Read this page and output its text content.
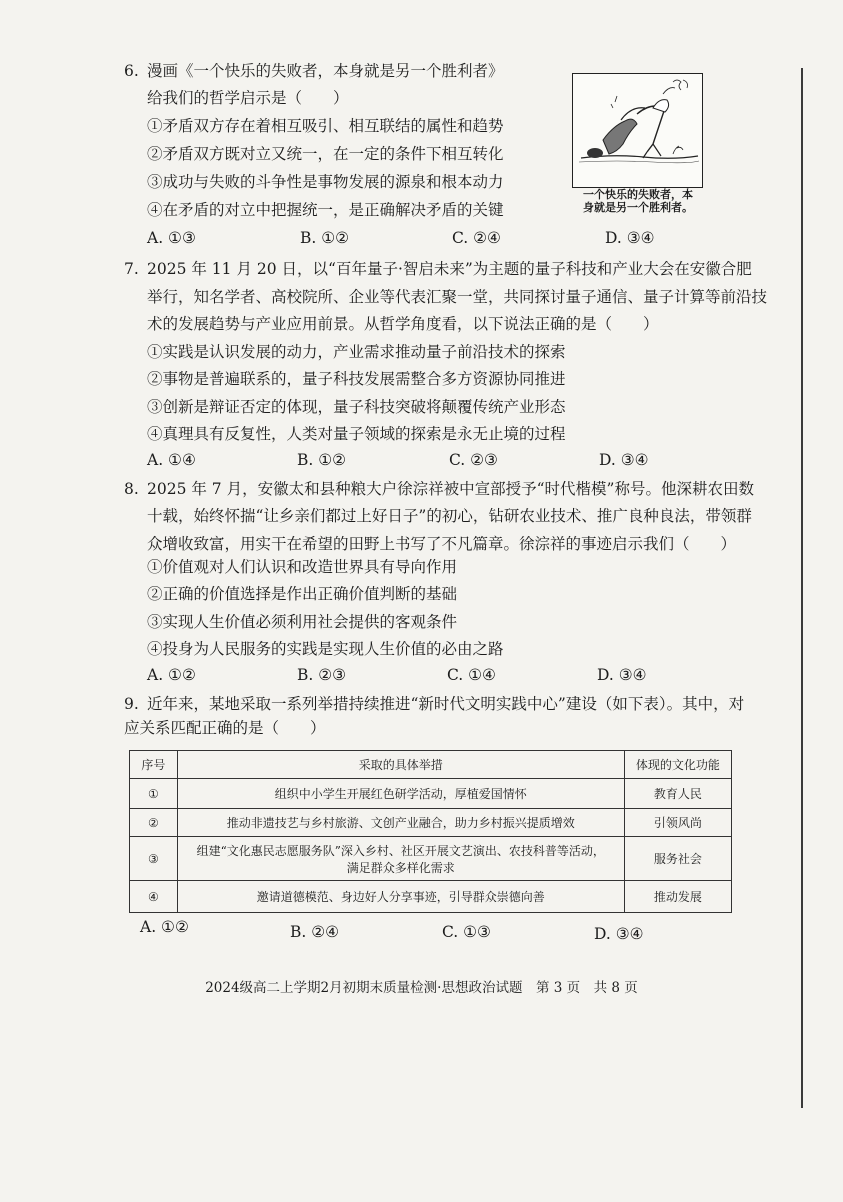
6. 漫画《一个快乐的失败者，本身就是另一个胜利者》
给我们的哲学启示是（　　）
①矛盾双方存在着相互吸引、相互联结的属性和趋势
②矛盾双方既对立又统一，在一定的条件下相互转化
③成功与失败的斗争性是事物发展的源泉和根本动力
④在矛盾的对立中把握统一，是正确解决矛盾的关键
A. ①③	B. ①②	C. ②④	D. ③④
一个快乐的失败者，本
身就是另一个胜利者。
7. 2025 年 11 月 20 日，以“百年量子·智启未来”为主题的量子科技和产业大会在安徽合肥
举行，知名学者、高校院所、企业等代表汇聚一堂，共同探讨量子通信、量子计算等前沿技
术的发展趋势与产业应用前景。从哲学角度看，以下说法正确的是（　　）
①实践是认识发展的动力，产业需求推动量子前沿技术的探索
②事物是普遍联系的，量子科技发展需整合多方资源协同推进
③创新是辩证否定的体现，量子科技突破将颠覆传统产业形态
④真理具有反复性，人类对量子领域的探索是永无止境的过程
A. ①④	B. ①②	C. ②③	D. ③④
8. 2025 年 7 月，安徽太和县种粮大户徐淙祥被中宣部授予“时代楷模”称号。他深耕农田数
十载，始终怀揣“让乡亲们都过上好日子”的初心，钻研农业技术、推广良种良法，带领群
众增收致富，用实干在希望的田野上书写了不凡篇章。徐淙祥的事迹启示我们（　　）
①价值观对人们认识和改造世界具有导向作用
②正确的价值选择是作出正确价值判断的基础
③实现人生价值必须利用社会提供的客观条件
④投身为人民服务的实践是实现人生价值的必由之路
A. ①②	B. ②③	C. ①④	D. ③④
9. 近年来，某地采取一系列举措持续推进“新时代文明实践中心”建设（如下表）。其中，对
应关系匹配正确的是（　　）
序号	采取的具体举措	体现的文化功能
①	组织中小学生开展红色研学活动，厚植爱国情怀	教育人民
②	推动非遗技艺与乡村旅游、文创产业融合，助力乡村振兴提质增效	引领风尚
③	组建“文化惠民志愿服务队”深入乡村、社区开展文艺演出、农技科普等活动，
满足群众多样化需求	服务社会
④	邀请道德模范、身边好人分享事迹，引导群众崇德向善	推动发展
A. ①②	B. ②④	C. ①③	D. ③④
2024级高二上学期2月初期末质量检测·思想政治试题　第 3 页　共 8 页
